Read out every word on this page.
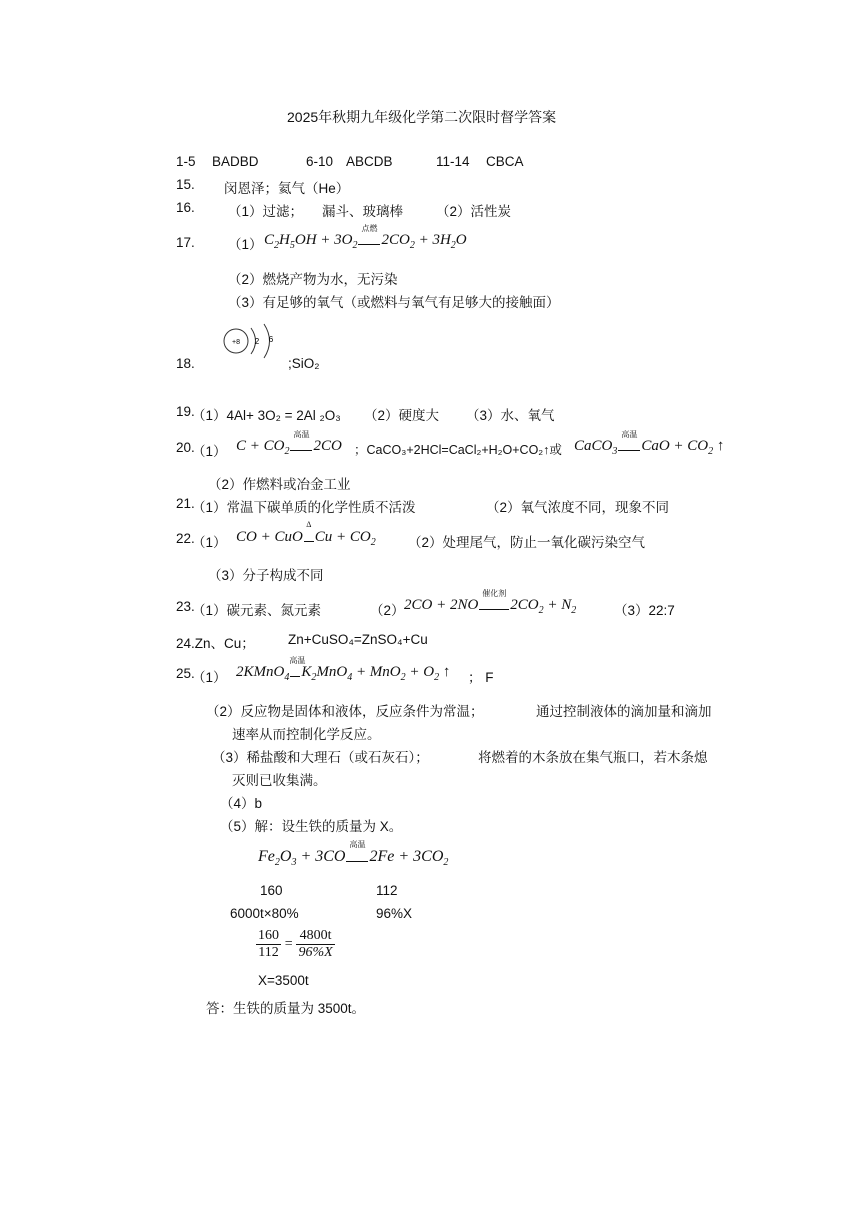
2025年秋期九年级化学第二次限时督学答案
1-5 BADBD	6-10 ABCDB	11-14 CBCA
15. 闵恩泽；氦气（He）
16. （1）过滤； 漏斗、玻璃棒 （2）活性炭
17. （1） $C_2H_5OH + 3O_2$
点燃
$2CO_2 + 3H_2O$
（2）燃烧产物为水，无污染
（3）有足够的氧气（或燃料与氧气有足够大的接触面）
+8 2 6
18.	;SiO₂
19.
（1）4Al+ 3O₂ = 2Al ₂O₃ （2）硬度大 （3）水、氧气
20.
（1） $C + CO_2$
高温
2CO ；CaCO₃+2HCl=CaCl₂+H₂O+CO₂↑或 CaCO$_3$
高温
CaO + $CO_2$ ↑
（2）作燃料或冶金工业
21.
（1）常温下碳单质的化学性质不活泼	（2）氧气浓度不同，现象不同
22.
（1） CO + CuO
Δ
$Cu + CO_2$ （2）处理尾气，防止一氧化碳污染空气
（3）分子构成不同
23.
（1）碳元素、氮元素	（2） 2CO + 2NO
催化剂
$2CO_2 + N_2$	（3）22:7
24.Zn、Cu； Zn+CuSO₄=ZnSO₄+Cu
25.
（1） 2KMnO$_4$
高温
$K_2MnO_4 + MnO_2 + O_2$ ↑ ； F
（2）反应物是固体和液体，反应条件为常温；	通过控制液体的滴加量和滴加
速率从而控制化学反应。
（3）稀盐酸和大理石（或石灰石）；	将燃着的木条放在集气瓶口，若木条熄
灭则已收集满。
（4）b
（5）解：设生铁的质量为 X。
$Fe_2O_3 + 3CO$
高温
$2Fe + 3CO_2$
160	112
6000t×80%	96%X
$\frac{160}{112} = \frac{4800t}{96\%X}$
X=3500t
答：生铁的质量为 3500t。
